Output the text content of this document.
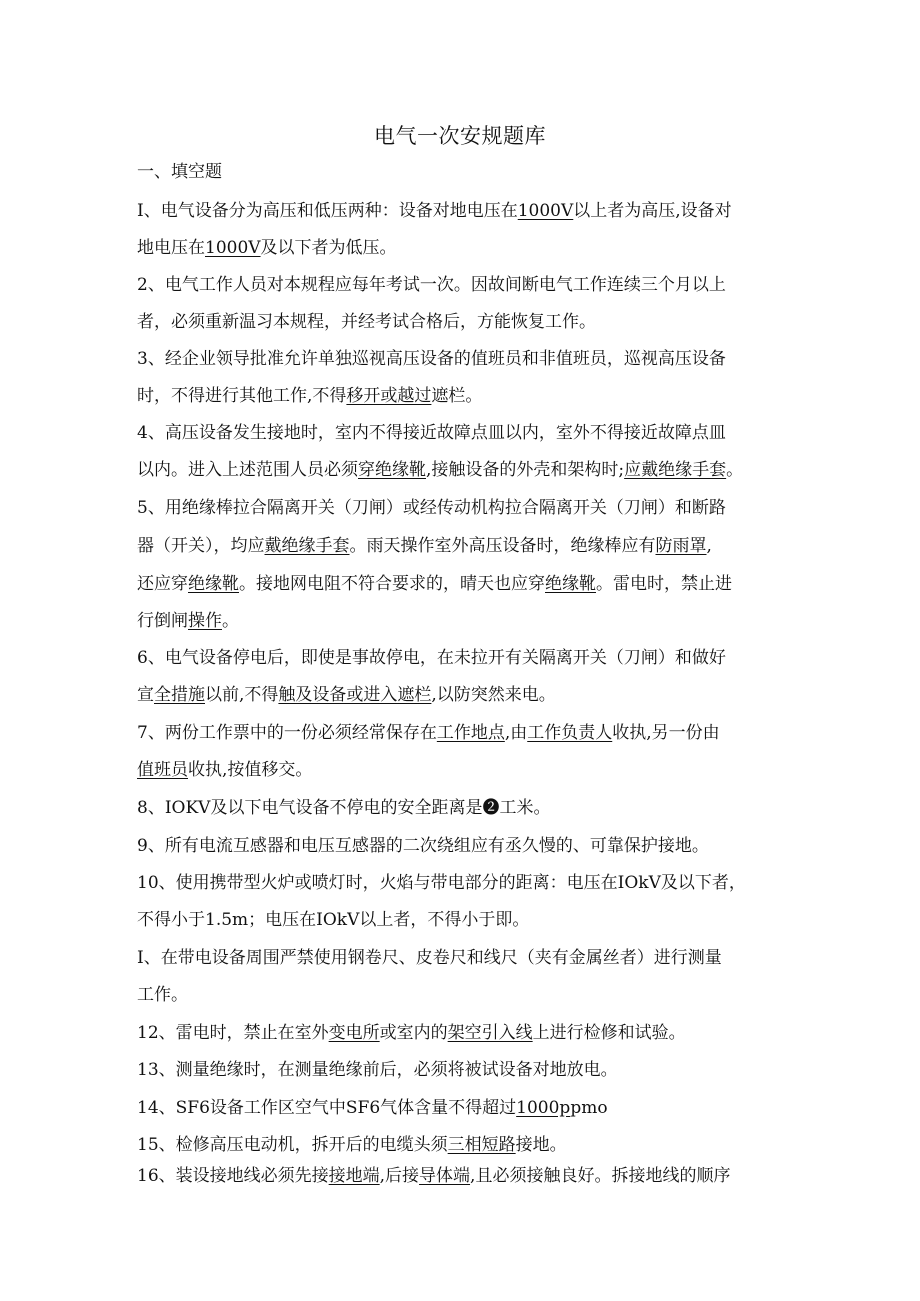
电气一次安规题库
一、填空题
I、电气设备分为高压和低压两种：设备对地电压在1000V以上者为高压,设备对
地电压在1000V及以下者为低压。
2、电气工作人员对本规程应每年考试一次。因故间断电气工作连续三个月以上
者，必须重新温习本规程，并经考试合格后，方能恢复工作。
3、经企业领导批准允许单独巡视高压设备的值班员和非值班员，巡视高压设备
时，不得进行其他工作,不得移开或越过遮栏。
4、高压设备发生接地时，室内不得接近故障点皿以内，室外不得接近故障点皿
以内。进入上述范围人员必须穿绝缘靴,接触设备的外壳和架构时;应戴绝缘手套。
5、用绝缘棒拉合隔离开关（刀闸）或经传动机构拉合隔离开关（刀闸）和断路
器（开关），均应戴绝缘手套。雨天操作室外高压设备时，绝缘棒应有防雨罩,
还应穿绝缘靴。接地网电阻不符合要求的，晴天也应穿绝缘靴。雷电时，禁止进
行倒闸操作。
6、电气设备停电后，即使是事故停电，在未拉开有关隔离开关（刀闸）和做好
宣全措施以前,不得触及设备或进入遮栏,以防突然来电。
7、两份工作票中的一份必须经常保存在工作地点,由工作负责人收执,另一份由
值班员收执,按值移交。
8、IOKV及以下电气设备不停电的安全距离是❷工米。
9、所有电流互感器和电压互感器的二次绕组应有丞久慢的、可靠保护接地。
10、使用携带型火炉或喷灯时，火焰与带电部分的距离：电压在IOkV及以下者，
不得小于1.5m；电压在IOkV以上者，不得小于即。
I、在带电设备周围严禁使用钢卷尺、皮卷尺和线尺（夹有金属丝者）进行测量
工作。
12、雷电时，禁止在室外变电所或室内的架空引入线上进行检修和试验。
13、测量绝缘时，在测量绝缘前后，必须将被试设备对地放电。
14、SF6设备工作区空气中SF6气体含量不得超过1000ppmo
15、检修高压电动机，拆开后的电缆头须三相短路接地。
16、装设接地线必须先接接地端,后接导体端,且必须接触良好。拆接地线的顺序
